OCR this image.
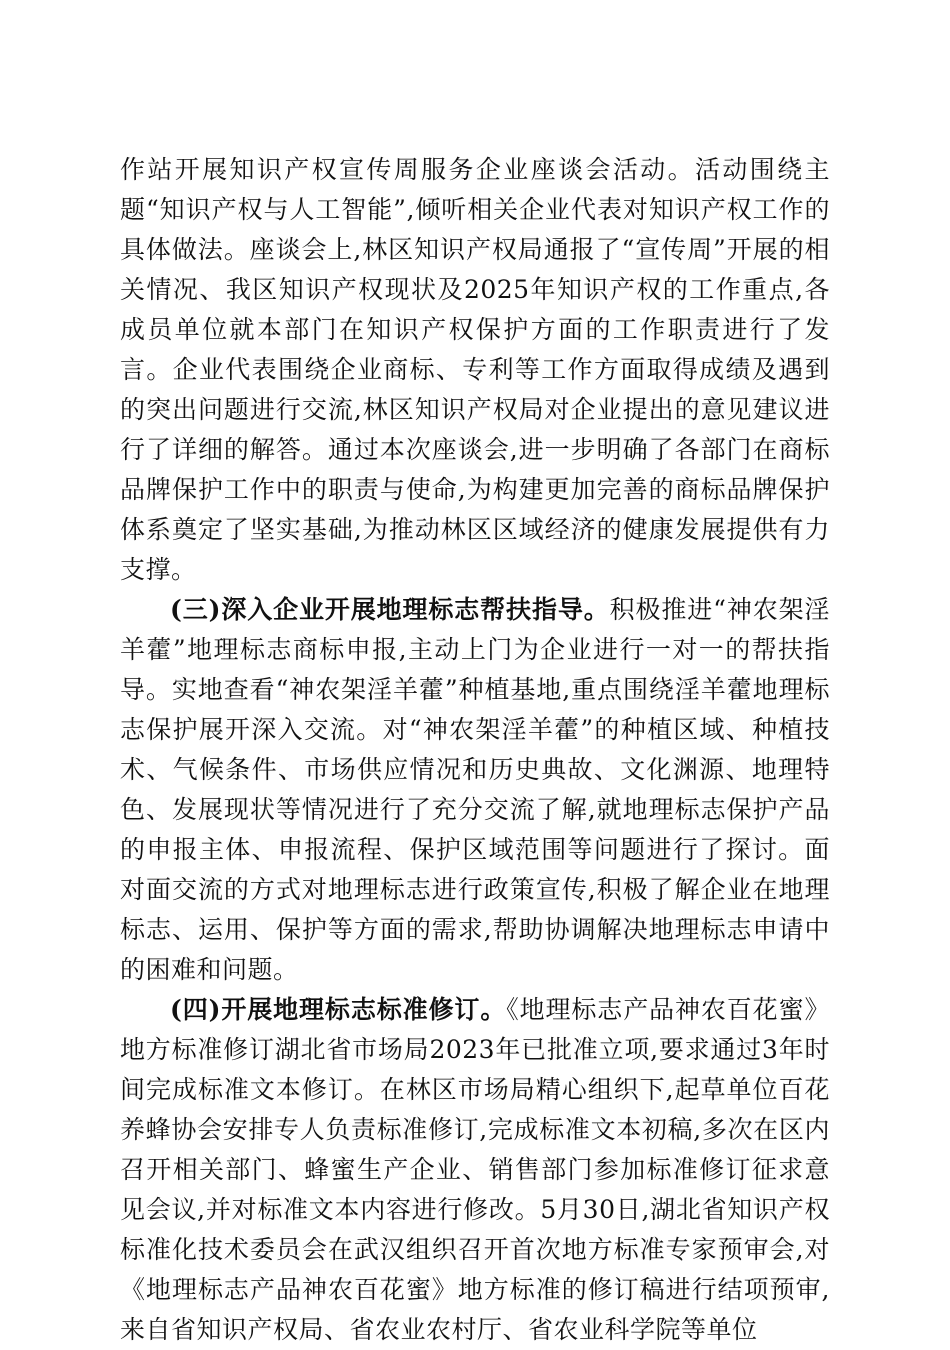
作站开展知识产权宣传周服务企业座谈会活动。活动围绕主题“知识产权与人工智能”,倾听相关企业代表对知识产权工作的具体做法。座谈会上,林区知识产权局通报了“宣传周”开展的相关情况、我区知识产权现状及2025年知识产权的工作重点,各成员单位就本部门在知识产权保护方面的工作职责进行了发言。企业代表围绕企业商标、专利等工作方面取得成绩及遇到的突出问题进行交流,林区知识产权局对企业提出的意见建议进行了详细的解答。通过本次座谈会,进一步明确了各部门在商标品牌保护工作中的职责与使命,为构建更加完善的商标品牌保护体系奠定了坚实基础,为推动林区区域经济的健康发展提供有力支撑。

(三)深入企业开展地理标志帮扶指导。积极推进“神农架淫羊藿”地理标志商标申报,主动上门为企业进行一对一的帮扶指导。实地查看“神农架淫羊藿”种植基地,重点围绕淫羊藿地理标志保护展开深入交流。对“神农架淫羊藿”的种植区域、种植技术、气候条件、市场供应情况和历史典故、文化渊源、地理特色、发展现状等情况进行了充分交流了解,就地理标志保护产品的申报主体、申报流程、保护区域范围等问题进行了探讨。面对面交流的方式对地理标志进行政策宣传,积极了解企业在地理标志、运用、保护等方面的需求,帮助协调解决地理标志申请中的困难和问题。

(四)开展地理标志标准修订。《地理标志产品神农百花蜜》地方标准修订湖北省市场局2023年已批准立项,要求通过3年时间完成标准文本修订。在林区市场局精心组织下,起草单位百花养蜂协会安排专人负责标准修订,完成标准文本初稿,多次在区内召开相关部门、蜂蜜生产企业、销售部门参加标准修订征求意见会议,并对标准文本内容进行修改。5月30日,湖北省知识产权标准化技术委员会在武汉组织召开首次地方标准专家预审会,对《地理标志产品神农百花蜜》地方标准的修订稿进行结项预审,来自省知识产权局、省农业农村厅、省农业科学院等单位
